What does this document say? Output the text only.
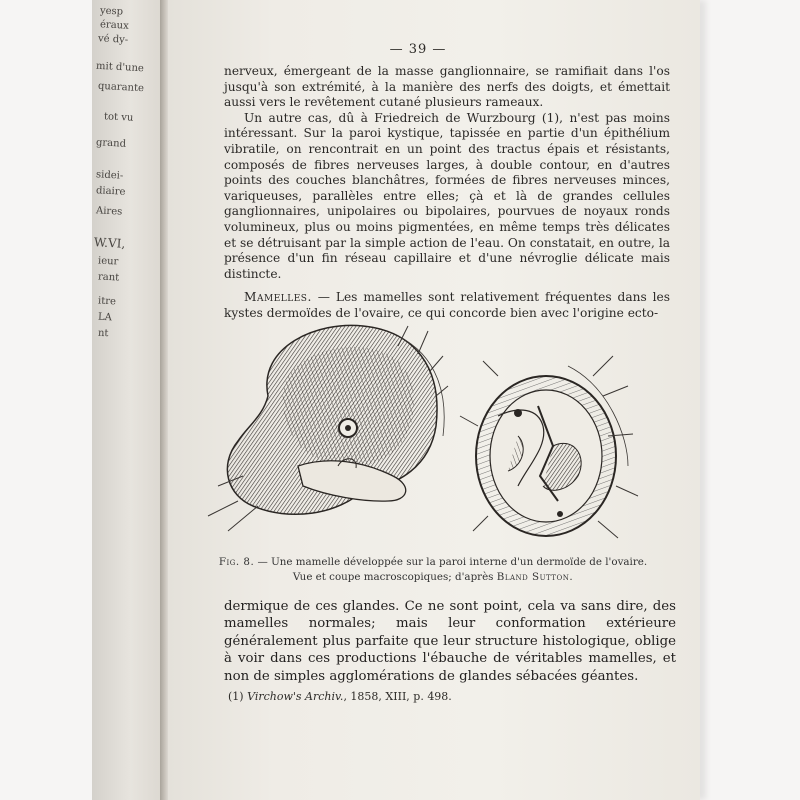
yesp
éraux
vé dy-
mit d'une
quarante
tot vu
grand
sidei-
diaire
Aires
W.VI,
ieur
rant
itre
LA
nt
— 39 —

nerveux, émergeant de la masse ganglionnaire, se ramifiait dans l'os jusqu'à son extrémité, à la manière des nerfs des doigts, et émettait aussi vers le revêtement cutané plusieurs rameaux.

Un autre cas, dû à Friedreich de Wurzbourg (1), n'est pas moins intéressant. Sur la paroi kystique, tapissée en partie d'un épithélium vibratile, on rencontrait en un point des tractus épais et résistants, composés de fibres nerveuses larges, à double contour, en d'autres points des couches blanchâtres, formées de fibres nerveuses minces, variqueuses, parallèles entre elles; çà et là de grandes cellules ganglionnaires, unipolaires ou bipolaires, pourvues de noyaux ronds volumineux, plus ou moins pigmentées, en même temps très délicates et se détruisant par la simple action de l'eau. On constatait, en outre, la présence d'un fin réseau capillaire et d'une névroglie délicate mais distincte.

Mamelles. — Les mamelles sont relativement fréquentes dans les kystes dermoïdes de l'ovaire, ce qui concorde bien avec l'origine ecto-

Fig. 8. — Une mamelle développée sur la paroi interne d'un dermoïde de l'ovaire.
Vue et coupe macroscopiques; d'après Bland Sutton.
dermique de ces glandes. Ce ne sont point, cela va sans dire, des mamelles normales; mais leur conformation extérieure généralement plus parfaite que leur structure histologique, oblige à voir dans ces productions l'ébauche de véritables mamelles, et non de simples agglomérations de glandes sébacées géantes.
(1) Virchow's Archiv., 1858, XIII, p. 498.
